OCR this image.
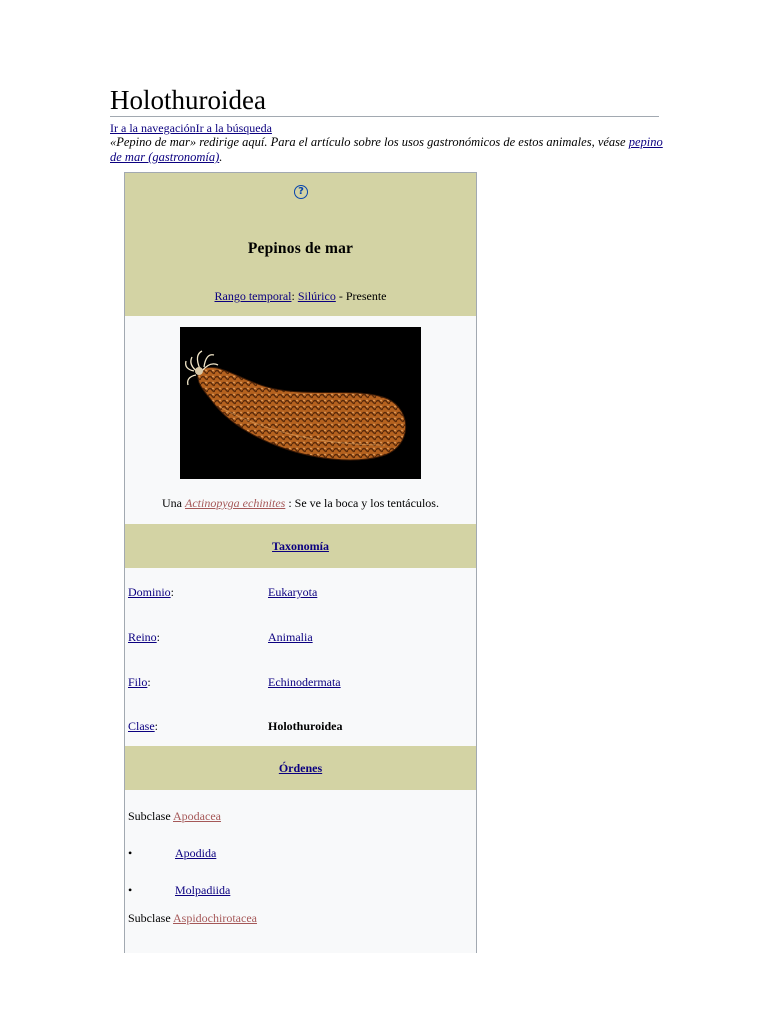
Holothuroidea
Ir a la navegaciónIr a la búsqueda
«Pepino de mar» redirige aquí. Para el artículo sobre los usos gastronómicos de estos animales, véase pepino de mar (gastronomía).
?
Pepinos de mar
Rango temporal: Silúrico - Presente
Una Actinopyga echinites : Se ve la boca y los tentáculos.
Taxonomía
Dominio:	Eukaryota
Reino:	Animalia
Filo:	Echinodermata
Clase:	Holothuroidea
Órdenes
Subclase Apodacea
•	Apodida
•	Molpadiida
Subclase Aspidochirotacea
